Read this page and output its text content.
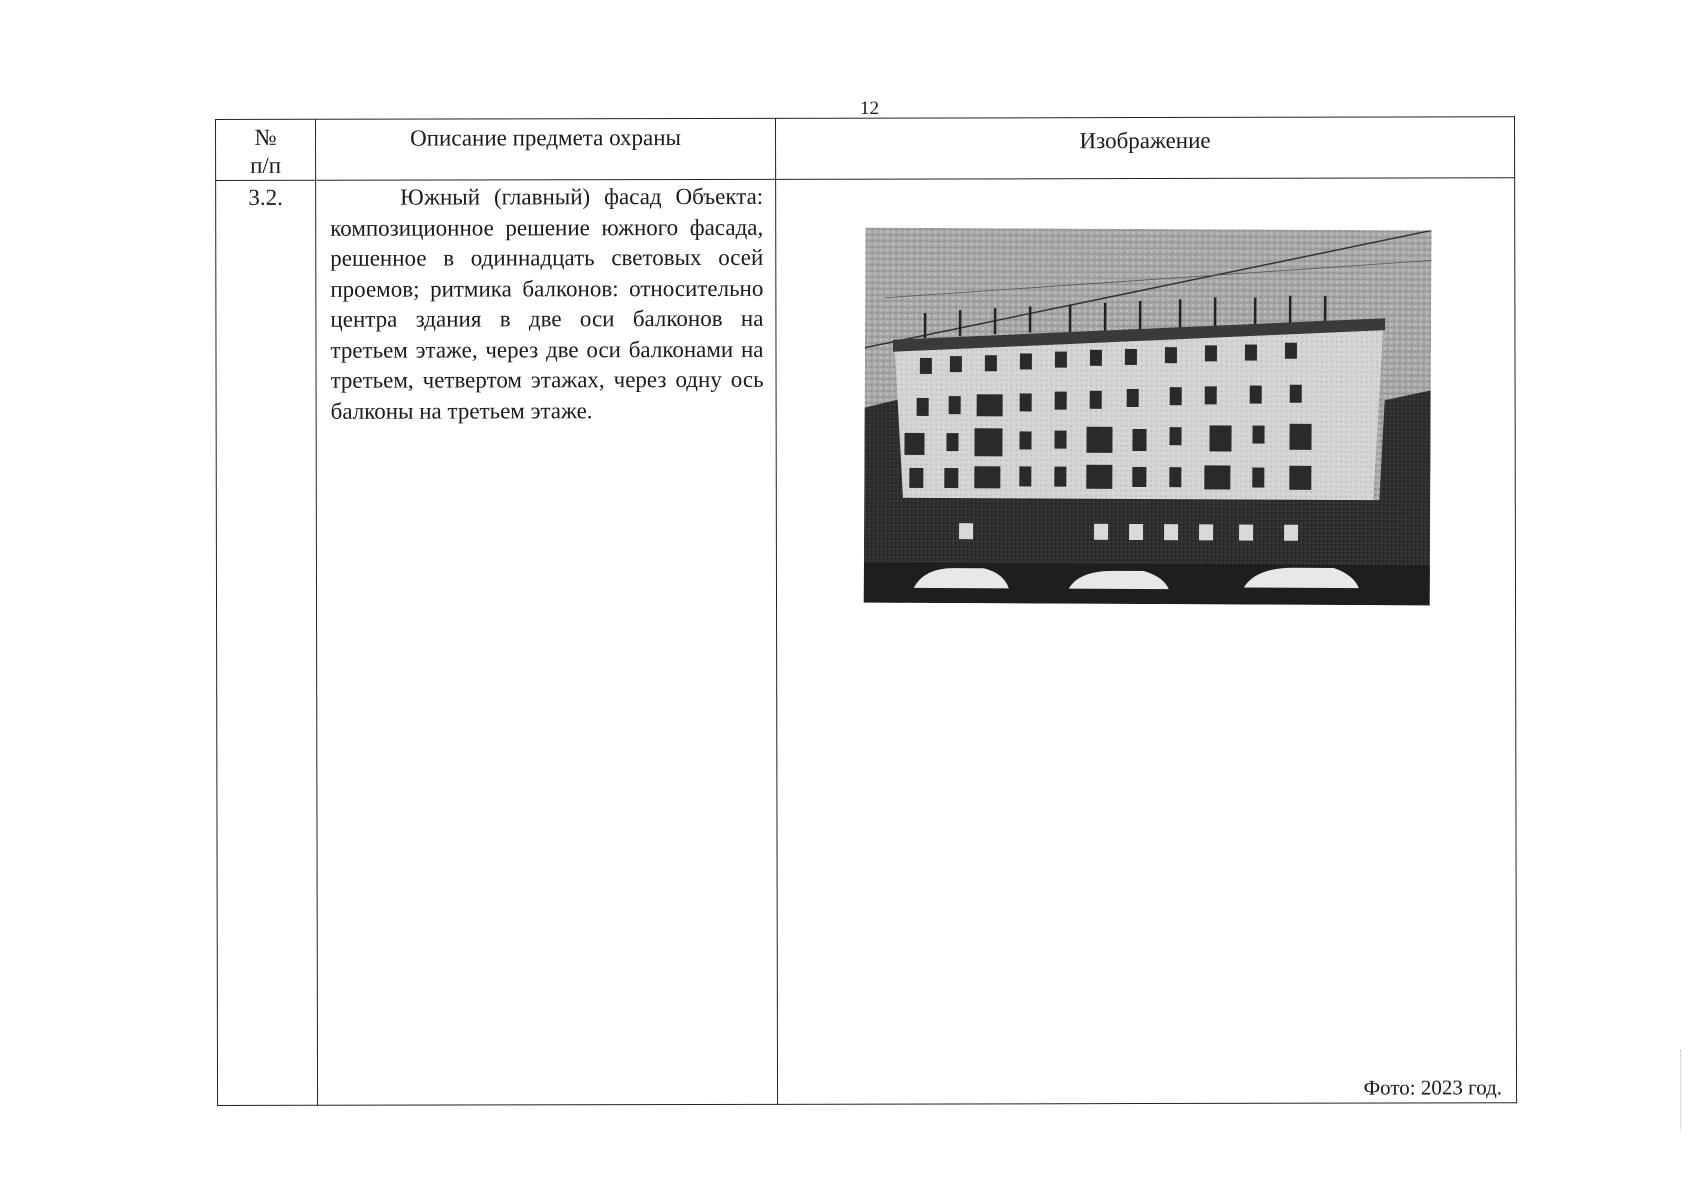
12
№
п/п	Описание предмета охраны	Изображение
3.2.	Южный (главный) фасад Объекта: композиционное решение южного фасада, решенное в одиннадцать световых осей проемов; ритмика балконов: относительно центра здания в две оси балконов на третьем этаже, через две оси балконами на третьем, четвертом этажах, через одну ось балконы на третьем этаже.	Фото: 2023 год.
